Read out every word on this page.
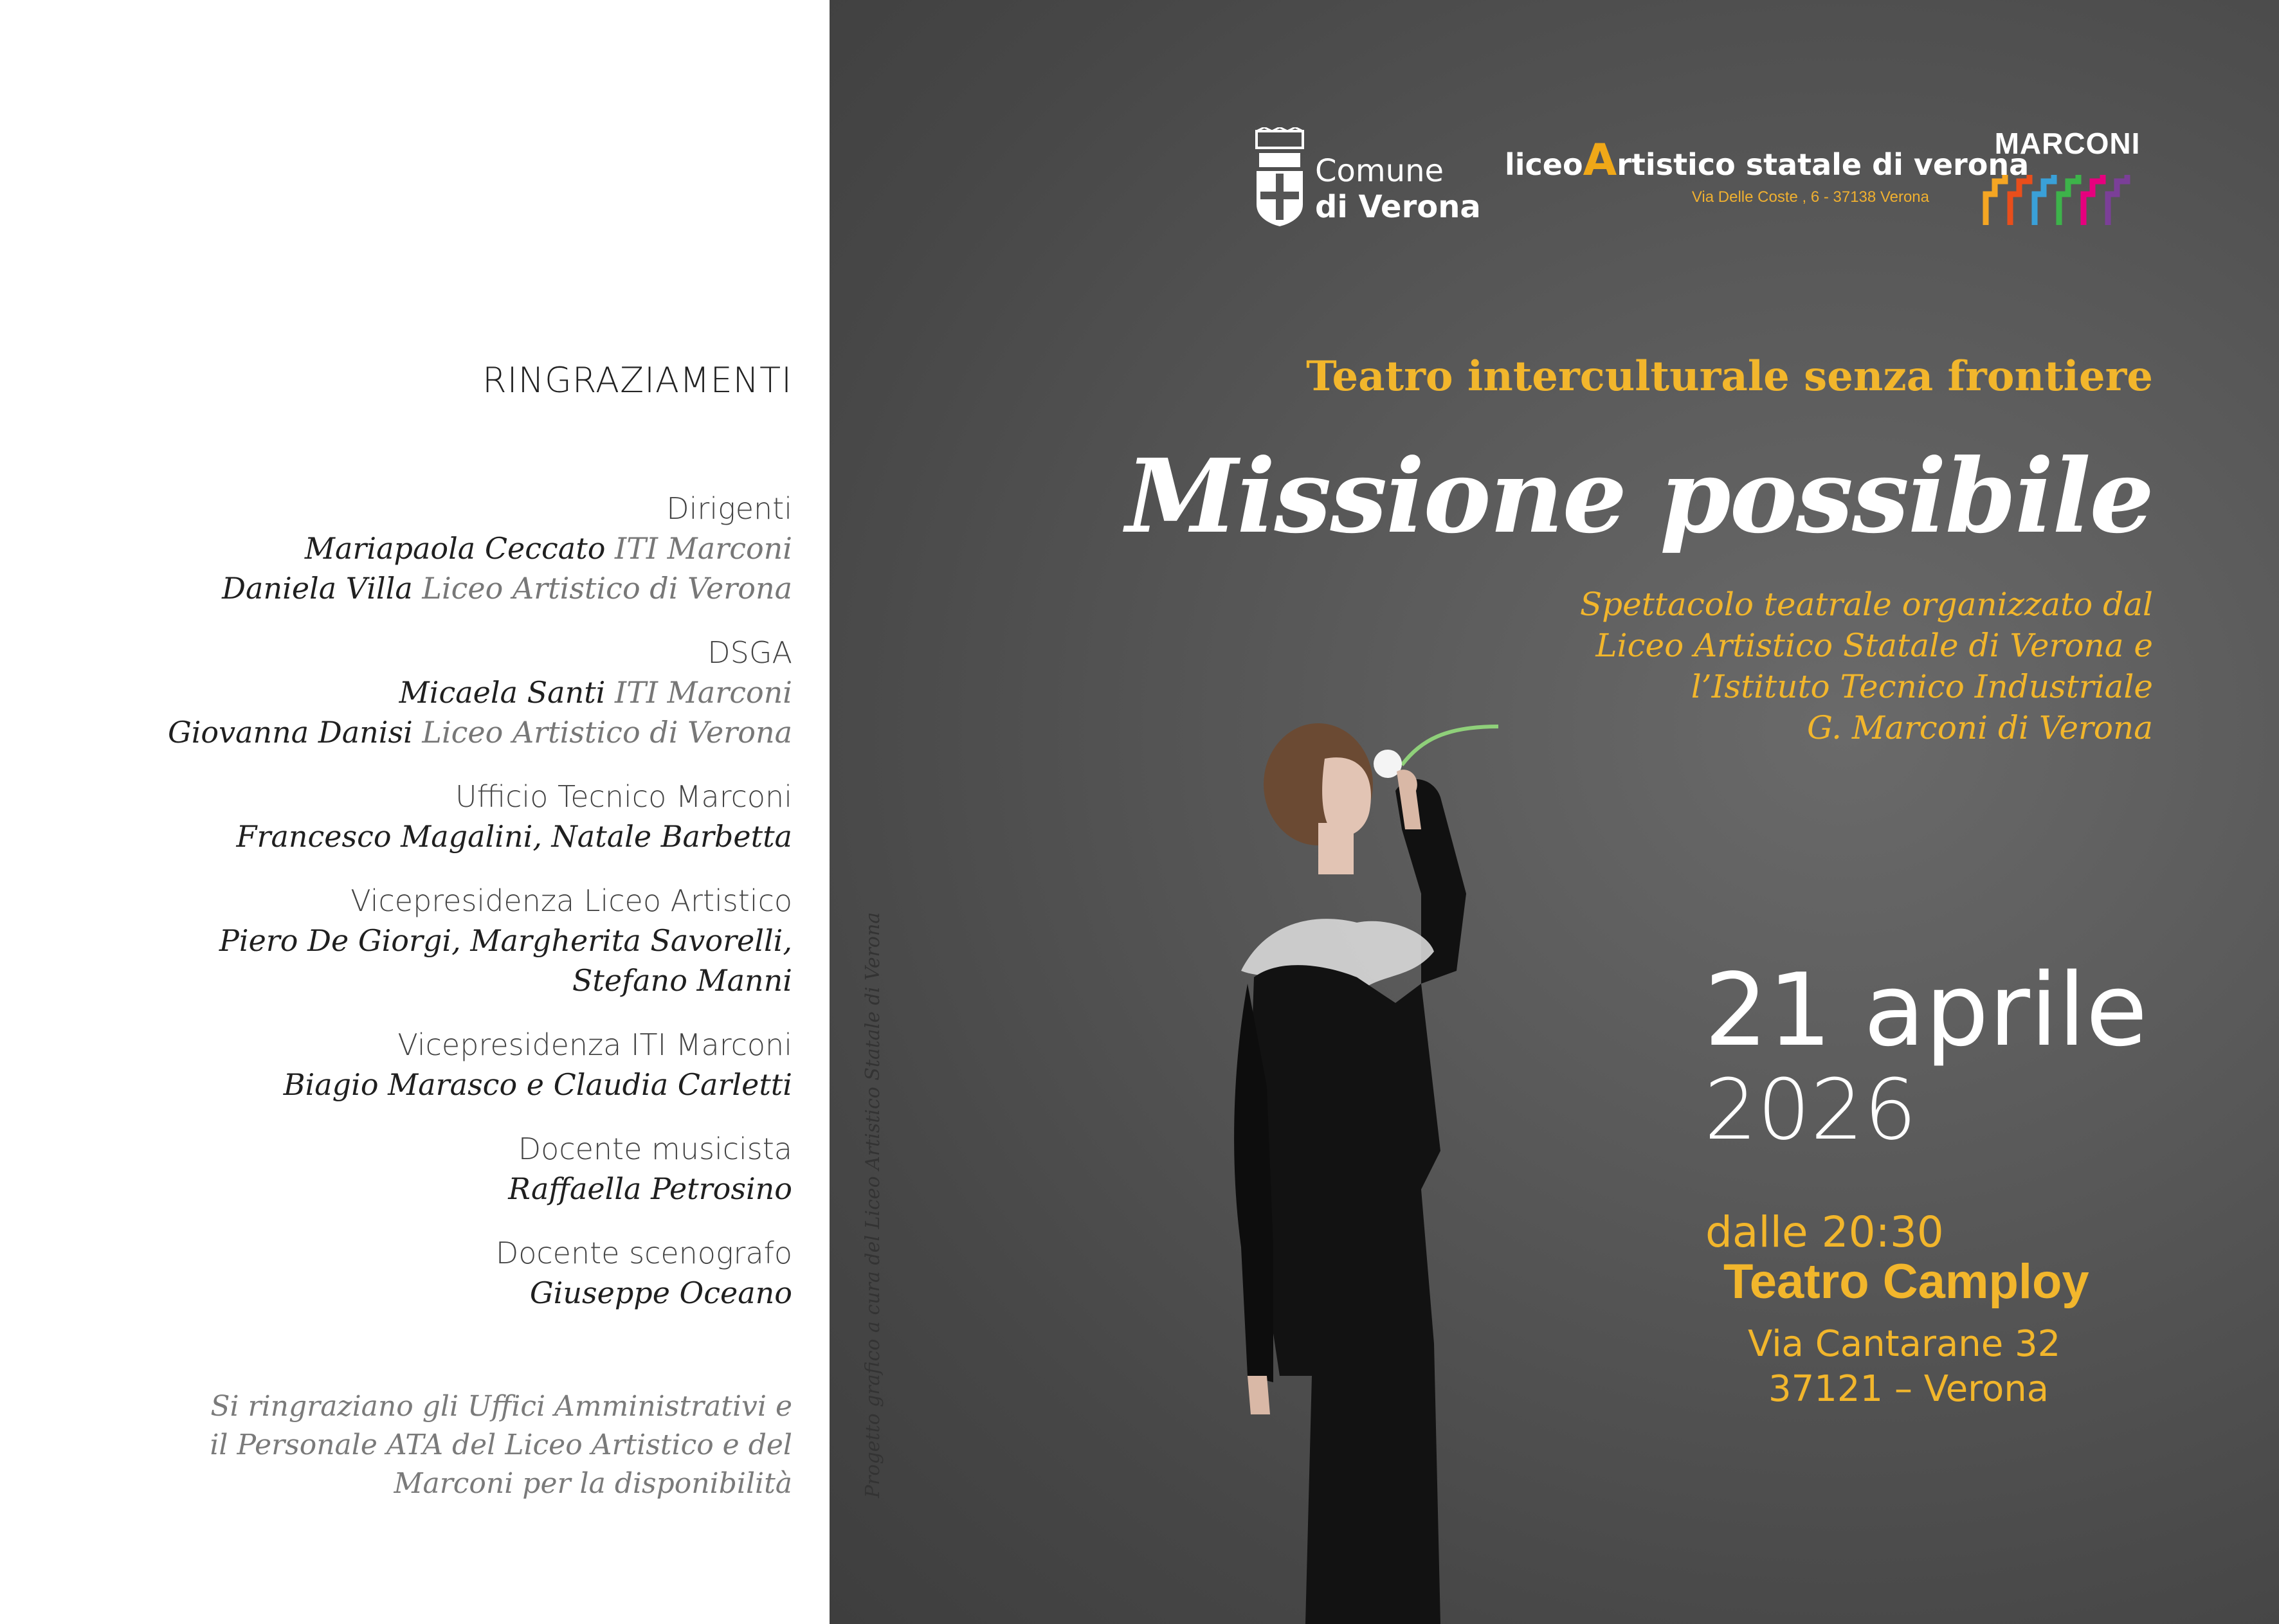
RINGRAZIAMENTI
Dirigenti
Mariapaola Ceccato ITI Marconi
Daniela Villa Liceo Artistico di Verona
DSGA
Micaela Santi ITI Marconi
Giovanna Danisi Liceo Artistico di Verona
Ufficio Tecnico Marconi
Francesco Magalini, Natale Barbetta
Vicepresidenza Liceo Artistico
Piero De Giorgi, Margherita Savorelli,
Stefano Manni
Vicepresidenza ITI Marconi
Biagio Marasco e Claudia Carletti
Docente musicista
Raffaella Petrosino
Docente scenografo
Giuseppe Oceano
Si ringraziano gli Uffici Amministrativi e
il Personale ATA del Liceo Artistico e del
Marconi per la disponibilità	Progetto grafico a cura del Liceo Artistico Statale di Verona
Comune
di Verona
liceoArtistico statale di verona
Via Delle Coste , 6 - 37138 Verona
MARCONI
Teatro interculturale senza frontiere
Missione possibile
Spettacolo teatrale organizzato dal
Liceo Artistico Statale di Verona e
l’Istituto Tecnico Industriale
G. Marconi di Verona
21 aprile
2026
dalle 20:30
Teatro Camploy
Via Cantarane 32
37121 – Verona
